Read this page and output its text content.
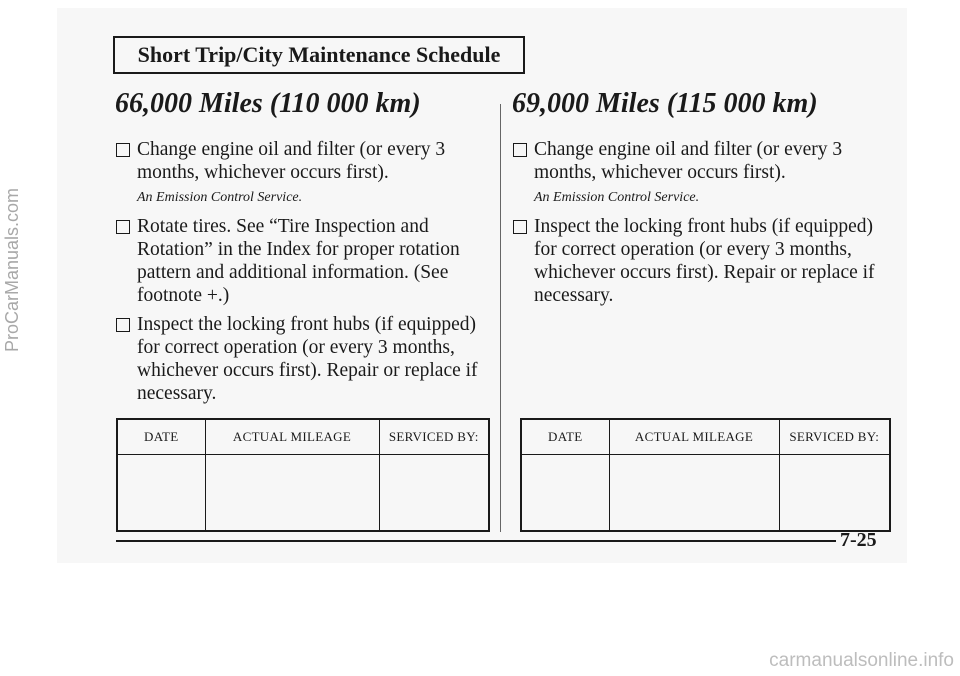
ProCarManuals.com
Short Trip/City Maintenance Schedule
66,000 Miles (110 000 km)
Change engine oil and filter (or every 3 months, whichever occurs first).
An Emission Control Service.
Rotate tires. See “Tire Inspection and Rotation” in the Index for proper rotation pattern and additional information. (See footnote +.)
Inspect the locking front hubs (if equipped) for correct operation (or every 3 months, whichever occurs first). Repair or replace if necessary.
69,000 Miles (115 000 km)
Change engine oil and filter (or every 3 months, whichever occurs first).
An Emission Control Service.
Inspect the locking front hubs (if equipped) for correct operation (or every 3 months, whichever occurs first). Repair or replace if necessary.
DATE	ACTUAL MILEAGE	SERVICED BY:
			DATE	ACTUAL MILEAGE	SERVICED BY:

7-25
carmanualsonline.info
